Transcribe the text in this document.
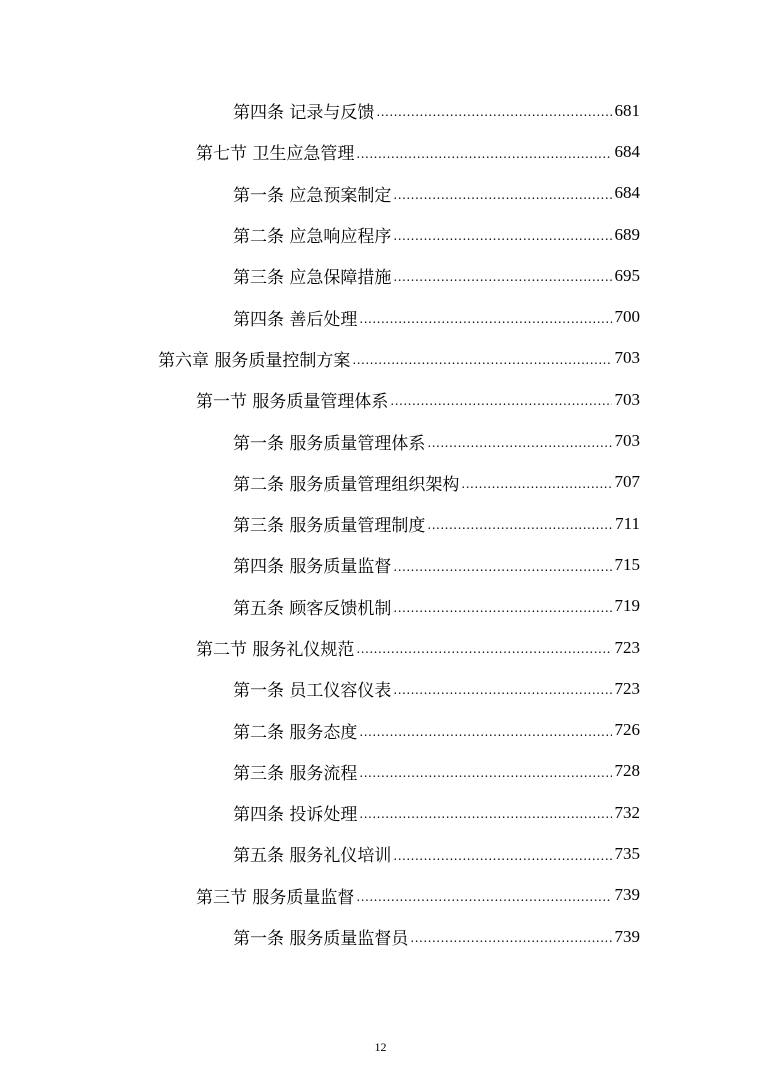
第四条 记录与反馈 .....	681
第七节 卫生应急管理 .....	684
第一条 应急预案制定 .....	684
第二条 应急响应程序 .....	689
第三条 应急保障措施 .....	695
第四条 善后处理 .....	700
第六章 服务质量控制方案 .....	703
第一节 服务质量管理体系 .....	703
第一条 服务质量管理体系 .....	703
第二条 服务质量管理组织架构 .....	707
第三条 服务质量管理制度 .....	711
第四条 服务质量监督 .....	715
第五条 顾客反馈机制 .....	719
第二节 服务礼仪规范 .....	723
第一条 员工仪容仪表 .....	723
第二条 服务态度 .....	726
第三条 服务流程 .....	728
第四条 投诉处理 .....	732
第五条 服务礼仪培训 .....	735
第三节 服务质量监督 .....	739
第一条 服务质量监督员 .....	739
12
